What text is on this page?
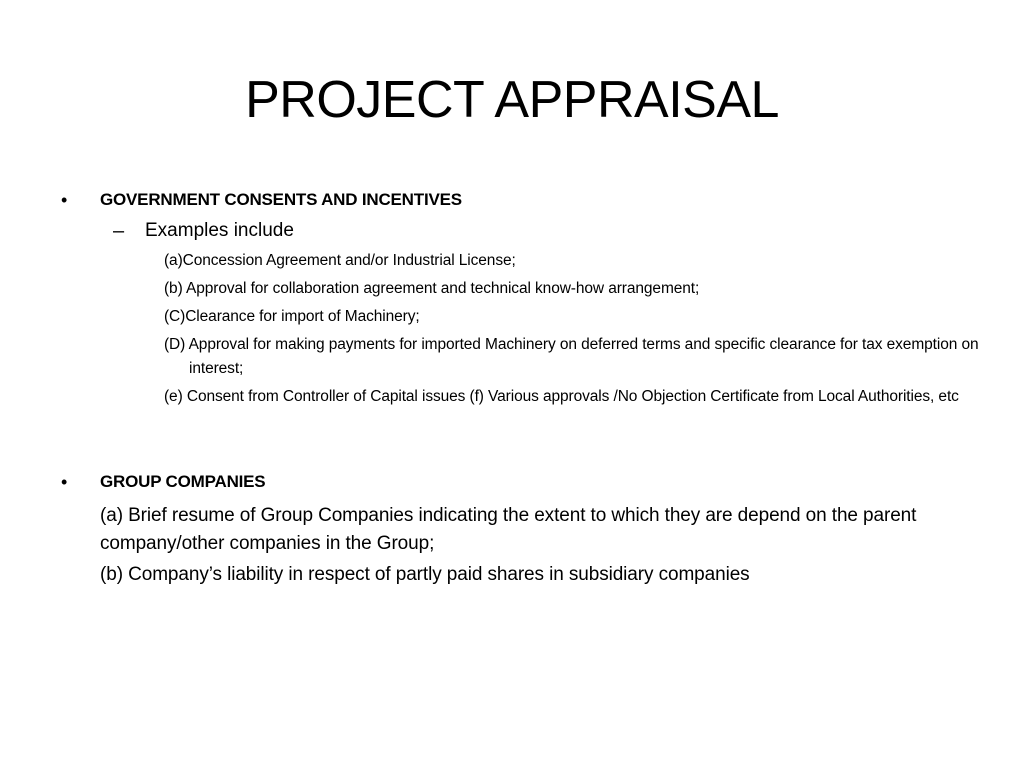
PROJECT APPRAISAL
• GOVERNMENT CONSENTS AND INCENTIVES
– Examples include
(a)Concession Agreement and/or Industrial License;
(b) Approval for collaboration agreement and technical know-how arrangement;
(C)Clearance for import of Machinery;
(D) Approval for making payments for imported Machinery on deferred terms and specific clearance for tax exemption on interest;
(e) Consent from Controller of Capital issues (f) Various approvals /No Objection Certificate from Local Authorities, etc
• GROUP COMPANIES
(a) Brief resume of Group Companies indicating the extent to which they are depend on the parent company/other companies in the Group;
(b) Company’s liability in respect of partly paid shares in subsidiary companies
